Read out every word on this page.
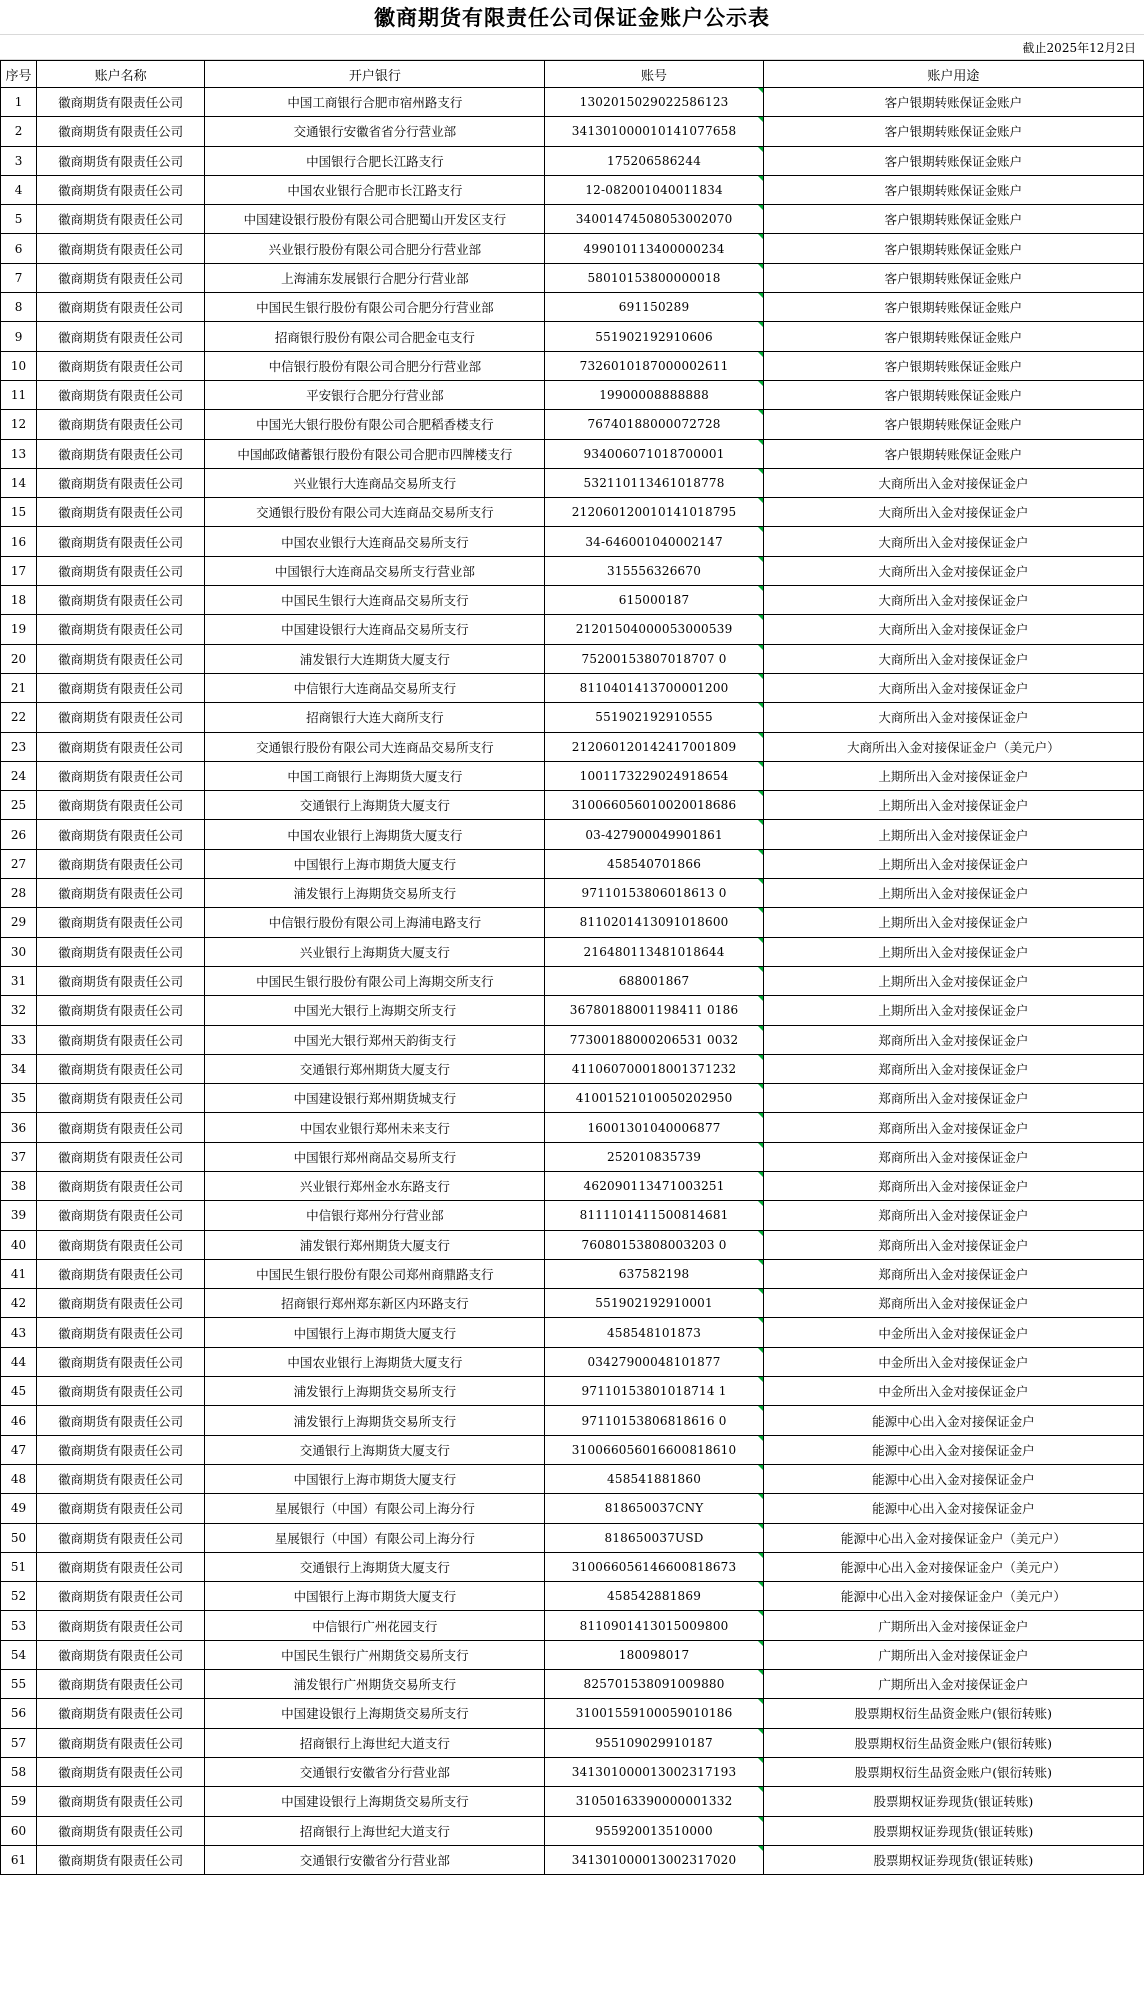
徽商期货有限责任公司保证金账户公示表
截止2025年12月2日
序号	账户名称	开户银行	账号	账户用途
1	徽商期货有限责任公司	中国工商银行合肥市宿州路支行	1302015029022586123	客户银期转账保证金账户
2	徽商期货有限责任公司	交通银行安徽省省分行营业部	341301000010141077658	客户银期转账保证金账户
3	徽商期货有限责任公司	中国银行合肥长江路支行	175206586244	客户银期转账保证金账户
4	徽商期货有限责任公司	中国农业银行合肥市长江路支行	12-082001040011834	客户银期转账保证金账户
5	徽商期货有限责任公司	中国建设银行股份有限公司合肥蜀山开发区支行	34001474508053002070	客户银期转账保证金账户
6	徽商期货有限责任公司	兴业银行股份有限公司合肥分行营业部	499010113400000234	客户银期转账保证金账户
7	徽商期货有限责任公司	上海浦东发展银行合肥分行营业部	58010153800000018	客户银期转账保证金账户
8	徽商期货有限责任公司	中国民生银行股份有限公司合肥分行营业部	691150289	客户银期转账保证金账户
9	徽商期货有限责任公司	招商银行股份有限公司合肥金屯支行	551902192910606	客户银期转账保证金账户
10	徽商期货有限责任公司	中信银行股份有限公司合肥分行营业部	7326010187000002611	客户银期转账保证金账户
11	徽商期货有限责任公司	平安银行合肥分行营业部	19900008888888	客户银期转账保证金账户
12	徽商期货有限责任公司	中国光大银行股份有限公司合肥稻香楼支行	76740188000072728	客户银期转账保证金账户
13	徽商期货有限责任公司	中国邮政储蓄银行股份有限公司合肥市四牌楼支行	934006071018700001	客户银期转账保证金账户
14	徽商期货有限责任公司	兴业银行大连商品交易所支行	532110113461018778	大商所出入金对接保证金户
15	徽商期货有限责任公司	交通银行股份有限公司大连商品交易所支行	212060120010141018795	大商所出入金对接保证金户
16	徽商期货有限责任公司	中国农业银行大连商品交易所支行	34-646001040002147	大商所出入金对接保证金户
17	徽商期货有限责任公司	中国银行大连商品交易所支行营业部	315556326670	大商所出入金对接保证金户
18	徽商期货有限责任公司	中国民生银行大连商品交易所支行	615000187	大商所出入金对接保证金户
19	徽商期货有限责任公司	中国建设银行大连商品交易所支行	21201504000053000539	大商所出入金对接保证金户
20	徽商期货有限责任公司	浦发银行大连期货大厦支行	75200153807018707 0	大商所出入金对接保证金户
21	徽商期货有限责任公司	中信银行大连商品交易所支行	8110401413700001200	大商所出入金对接保证金户
22	徽商期货有限责任公司	招商银行大连大商所支行	551902192910555	大商所出入金对接保证金户
23	徽商期货有限责任公司	交通银行股份有限公司大连商品交易所支行	212060120142417001809	大商所出入金对接保证金户（美元户）
24	徽商期货有限责任公司	中国工商银行上海期货大厦支行	1001173229024918654	上期所出入金对接保证金户
25	徽商期货有限责任公司	交通银行上海期货大厦支行	310066056010020018686	上期所出入金对接保证金户
26	徽商期货有限责任公司	中国农业银行上海期货大厦支行	03-427900049901861	上期所出入金对接保证金户
27	徽商期货有限责任公司	中国银行上海市期货大厦支行	458540701866	上期所出入金对接保证金户
28	徽商期货有限责任公司	浦发银行上海期货交易所支行	97110153806018613 0	上期所出入金对接保证金户
29	徽商期货有限责任公司	中信银行股份有限公司上海浦电路支行	8110201413091018600	上期所出入金对接保证金户
30	徽商期货有限责任公司	兴业银行上海期货大厦支行	216480113481018644	上期所出入金对接保证金户
31	徽商期货有限责任公司	中国民生银行股份有限公司上海期交所支行	688001867	上期所出入金对接保证金户
32	徽商期货有限责任公司	中国光大银行上海期交所支行	36780188001198411 0186	上期所出入金对接保证金户
33	徽商期货有限责任公司	中国光大银行郑州天韵街支行	77300188000206531 0032	郑商所出入金对接保证金户
34	徽商期货有限责任公司	交通银行郑州期货大厦支行	411060700018001371232	郑商所出入金对接保证金户
35	徽商期货有限责任公司	中国建设银行郑州期货城支行	41001521010050202950	郑商所出入金对接保证金户
36	徽商期货有限责任公司	中国农业银行郑州未来支行	16001301040006877	郑商所出入金对接保证金户
37	徽商期货有限责任公司	中国银行郑州商品交易所支行	252010835739	郑商所出入金对接保证金户
38	徽商期货有限责任公司	兴业银行郑州金水东路支行	462090113471003251	郑商所出入金对接保证金户
39	徽商期货有限责任公司	中信银行郑州分行营业部	8111101411500814681	郑商所出入金对接保证金户
40	徽商期货有限责任公司	浦发银行郑州期货大厦支行	76080153808003203 0	郑商所出入金对接保证金户
41	徽商期货有限责任公司	中国民生银行股份有限公司郑州商鼎路支行	637582198	郑商所出入金对接保证金户
42	徽商期货有限责任公司	招商银行郑州郑东新区内环路支行	551902192910001	郑商所出入金对接保证金户
43	徽商期货有限责任公司	中国银行上海市期货大厦支行	458548101873	中金所出入金对接保证金户
44	徽商期货有限责任公司	中国农业银行上海期货大厦支行	03427900048101877	中金所出入金对接保证金户
45	徽商期货有限责任公司	浦发银行上海期货交易所支行	97110153801018714 1	中金所出入金对接保证金户
46	徽商期货有限责任公司	浦发银行上海期货交易所支行	97110153806818616 0	能源中心出入金对接保证金户
47	徽商期货有限责任公司	交通银行上海期货大厦支行	310066056016600818610	能源中心出入金对接保证金户
48	徽商期货有限责任公司	中国银行上海市期货大厦支行	458541881860	能源中心出入金对接保证金户
49	徽商期货有限责任公司	星展银行（中国）有限公司上海分行	818650037CNY	能源中心出入金对接保证金户
50	徽商期货有限责任公司	星展银行（中国）有限公司上海分行	818650037USD	能源中心出入金对接保证金户（美元户）
51	徽商期货有限责任公司	交通银行上海期货大厦支行	310066056146600818673	能源中心出入金对接保证金户（美元户）
52	徽商期货有限责任公司	中国银行上海市期货大厦支行	458542881869	能源中心出入金对接保证金户（美元户）
53	徽商期货有限责任公司	中信银行广州花园支行	8110901413015009800	广期所出入金对接保证金户
54	徽商期货有限责任公司	中国民生银行广州期货交易所支行	180098017	广期所出入金对接保证金户
55	徽商期货有限责任公司	浦发银行广州期货交易所支行	825701538091009880	广期所出入金对接保证金户
56	徽商期货有限责任公司	中国建设银行上海期货交易所支行	31001559100059010186	股票期权衍生品资金账户(银衍转账)
57	徽商期货有限责任公司	招商银行上海世纪大道支行	955109029910187	股票期权衍生品资金账户(银衍转账)
58	徽商期货有限责任公司	交通银行安徽省分行营业部	341301000013002317193	股票期权衍生品资金账户(银衍转账)
59	徽商期货有限责任公司	中国建设银行上海期货交易所支行	31050163390000001332	股票期权证券现货(银证转账)
60	徽商期货有限责任公司	招商银行上海世纪大道支行	955920013510000	股票期权证券现货(银证转账)
61	徽商期货有限责任公司	交通银行安徽省分行营业部	341301000013002317020	股票期权证券现货(银证转账)
